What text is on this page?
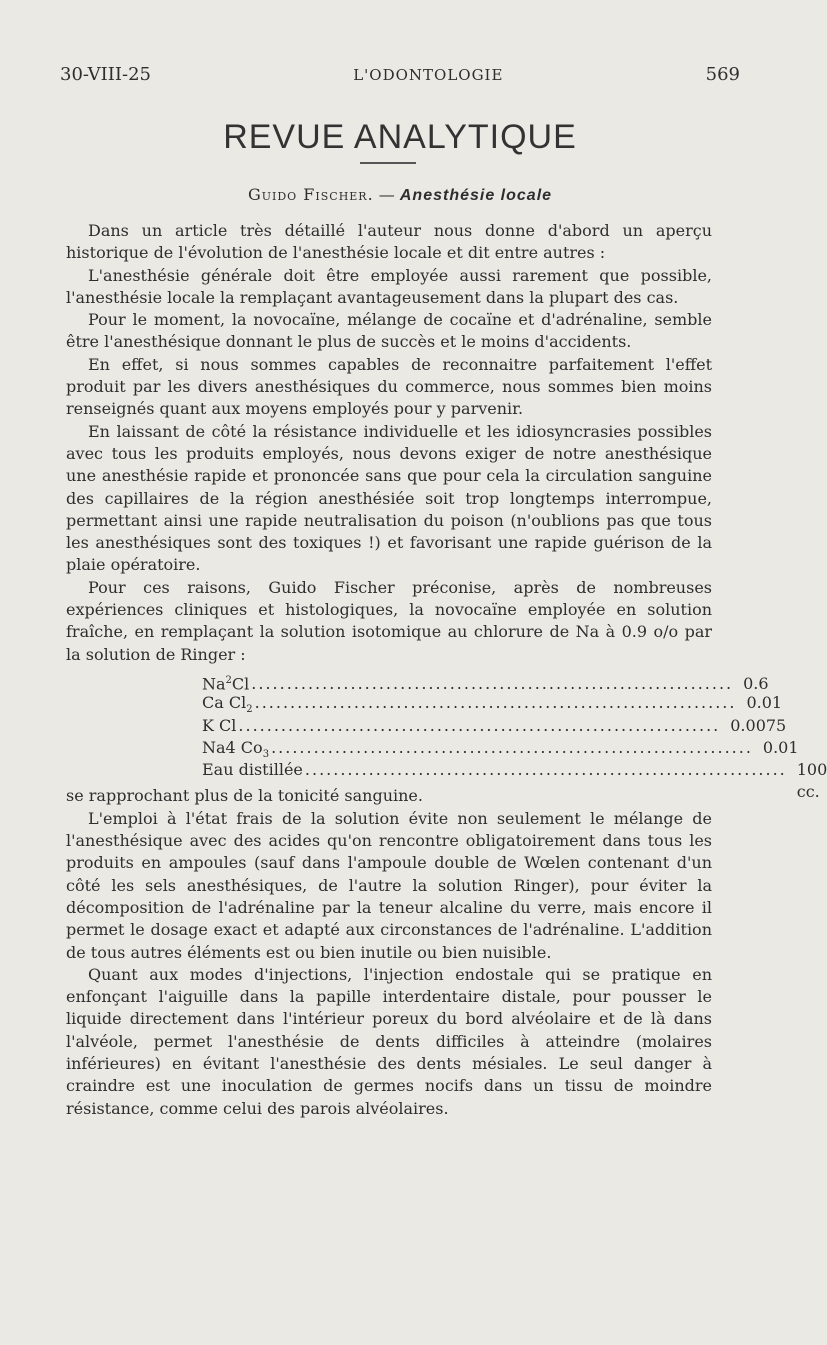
30-VIII-25	L'ODONTOLOGIE	569
REVUE ANALYTIQUE
Guido Fischer. — Anesthésie locale

Dans un article très détaillé l'auteur nous donne d'abord un aperçu historique de l'évolution de l'anesthésie locale et dit entre autres :

L'anesthésie générale doit être employée aussi rarement que possible, l'anesthésie locale la remplaçant avantageusement dans la plupart des cas.

Pour le moment, la novocaïne, mélange de cocaïne et d'adrénaline, semble être l'anesthésique donnant le plus de succès et le moins d'accidents.

En effet, si nous sommes capables de reconnaitre parfaitement l'effet produit par les divers anesthésiques du commerce, nous sommes bien moins renseignés quant aux moyens employés pour y parvenir.

En laissant de côté la résistance individuelle et les idiosyncrasies possibles avec tous les produits employés, nous devons exiger de notre anesthésique une anesthésie rapide et prononcée sans que pour cela la circulation sanguine des capillaires de la région anesthésiée soit trop longtemps interrompue, permettant ainsi une rapide neutralisation du poison (n'oublions pas que tous les anesthésiques sont des toxiques !) et favorisant une rapide guérison de la plaie opératoire.

Pour ces raisons, Guido Fischer préconise, après de nombreuses expériences cliniques et histologiques, la novocaïne employée en solution fraîche, en remplaçant la solution isotomique au chlorure de Na à 0.9 o/o par la solution de Ringer :

Na$^2$Cl .................................................................... 0.6
Ca $Cl_2$ .................................................................... 0.01
K Cl .................................................................... 0.0075
Na4 $Co_3$ .................................................................... 0.01
Eau distillée .................................................................... 100 cc.

se rapprochant plus de la tonicité sanguine.

L'emploi à l'état frais de la solution évite non seulement le mélange de l'anesthésique avec des acides qu'on rencontre obligatoirement dans tous les produits en ampoules (sauf dans l'ampoule double de Wœlen contenant d'un côté les sels anesthésiques, de l'autre la solution Ringer), pour éviter la décomposition de l'adrénaline par la teneur alcaline du verre, mais encore il permet le dosage exact et adapté aux circonstances de l'adrénaline. L'addition de tous autres éléments est ou bien inutile ou bien nuisible.

Quant aux modes d'injections, l'injection endostale qui se pratique en enfonçant l'aiguille dans la papille interdentaire distale, pour pousser le liquide directement dans l'intérieur poreux du bord alvéolaire et de là dans l'alvéole, permet l'anesthésie de dents difficiles à atteindre (molaires inférieures) en évitant l'anesthésie des dents mésiales. Le seul danger à craindre est une inoculation de germes nocifs dans un tissu de moindre résistance, comme celui des parois alvéolaires.
